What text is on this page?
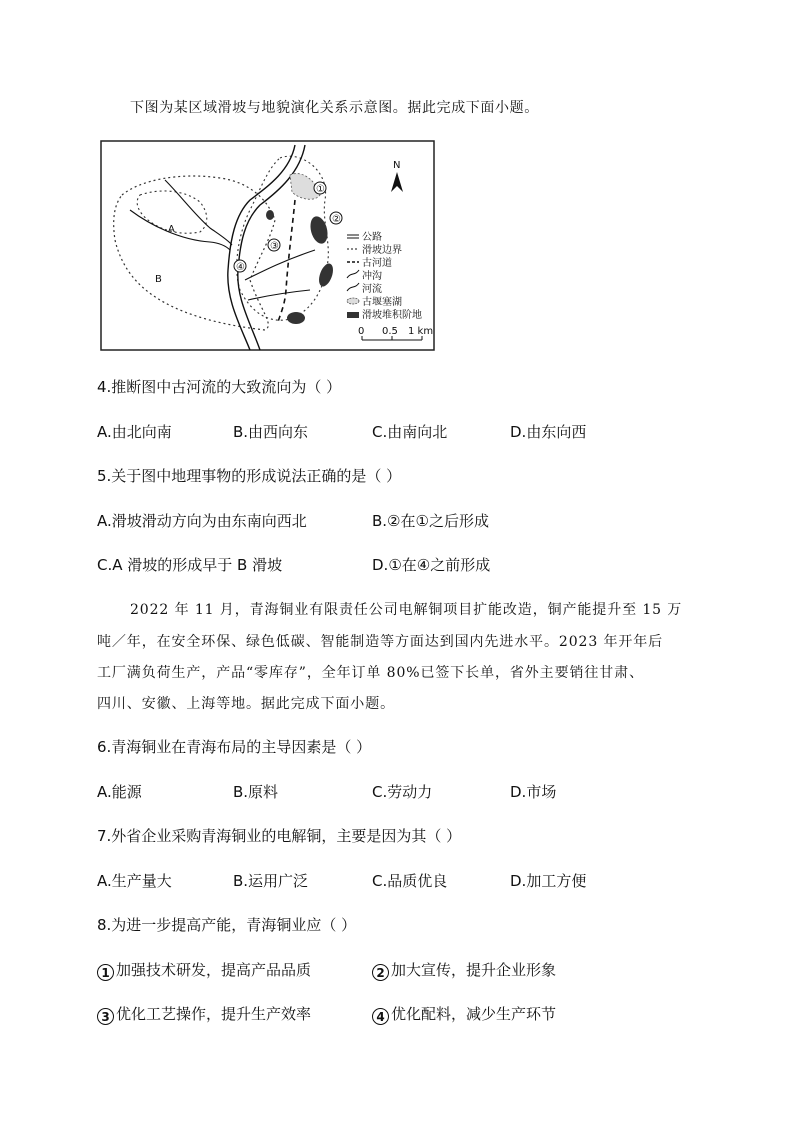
下图为某区域滑坡与地貌演化关系示意图。据此完成下面小题。
①
②
③
④
A
B
N
公路
滑坡边界
古河道
冲沟
河流
古堰塞湖
滑坡堆积阶地
0 0.5 1 km
4.推断图中古河流的大致流向为（ ）
A.由北向南	B.由西向东	C.由南向北	D.由东向西
5.关于图中地理事物的形成说法正确的是（ ）
A.滑坡滑动方向为由东南向西北	B.②在①之后形成
C.A 滑坡的形成早于 B 滑坡	D.①在④之前形成
2022 年 11 月，青海铜业有限责任公司电解铜项目扩能改造，铜产能提升至 15 万
吨／年，在安全环保、绿色低碳、智能制造等方面达到国内先进水平。2023 年开年后
工厂满负荷生产，产品“零库存”，全年订单 80%已签下长单，省外主要销往甘肃、
四川、安徽、上海等地。据此完成下面小题。
6.青海铜业在青海布局的主导因素是（ ）
A.能源	B.原料	C.劳动力	D.市场
7.外省企业采购青海铜业的电解铜，主要是因为其（ ）
A.生产量大	B.运用广泛	C.品质优良	D.加工方便
8.为进一步提高产能，青海铜业应（ ）
1 加强技术研发，提高产品品质	2 加大宣传，提升企业形象
3 优化工艺操作，提升生产效率	4 优化配料，减少生产环节
